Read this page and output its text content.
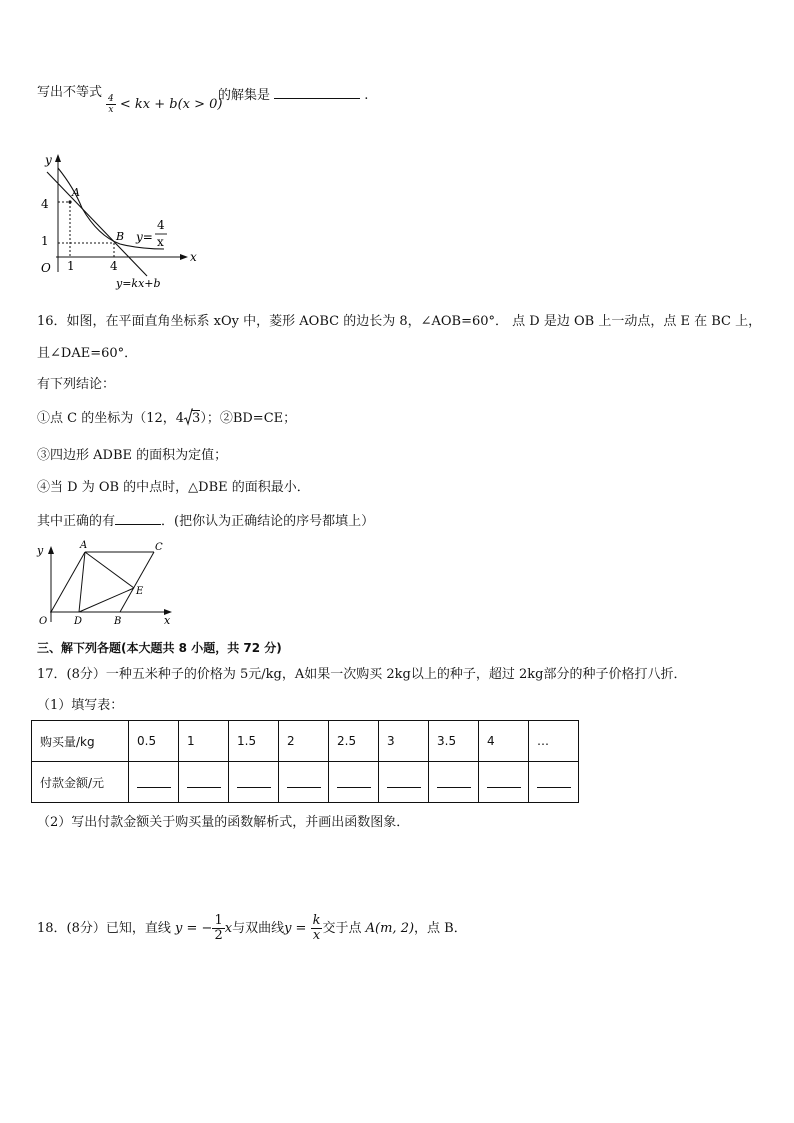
写出不等式
$\frac{4}{x}$ < kx + b(x > 0)
的解集是	.
y
x
O
A
B
4
1
1	4
y=
4
x
y=kx+b
16．如图，在平面直角坐标系 xOy 中，菱形 AOBC 的边长为 8，∠AOB=60°． 点 D 是边 OB 上一动点，点 E 在 BC 上，
且∠DAE=60°．
有下列结论：
①点 C 的坐标为（12，4 3）；②BD=CE；
③四边形 ADBE 的面积为定值；
④当 D 为 OB 的中点时，△DBE 的面积最小．
其中正确的有	．(把你认为正确结论的序号都填上）
y
x
O
A	C
E
D	B
三、解下列各题(本大题共 8 小题，共 72 分)
17．(8分）一种五米种子的价格为 5元/kg，A如果一次购买 2kg以上的种子，超过 2kg部分的种子价格打八折．
（1）填写表：
购买量/kg	0.5	1	1.5	2	2.5	3	3.5	4	…
付款金额/元									
（2）写出付款金额关于购买量的函数解析式，并画出函数图象．
18．(8分）已知，直线 y = − $\frac{1}{2}$ x与双曲线$y = \frac{k}{x}$ 交于点 A(m, 2)，点 B．
